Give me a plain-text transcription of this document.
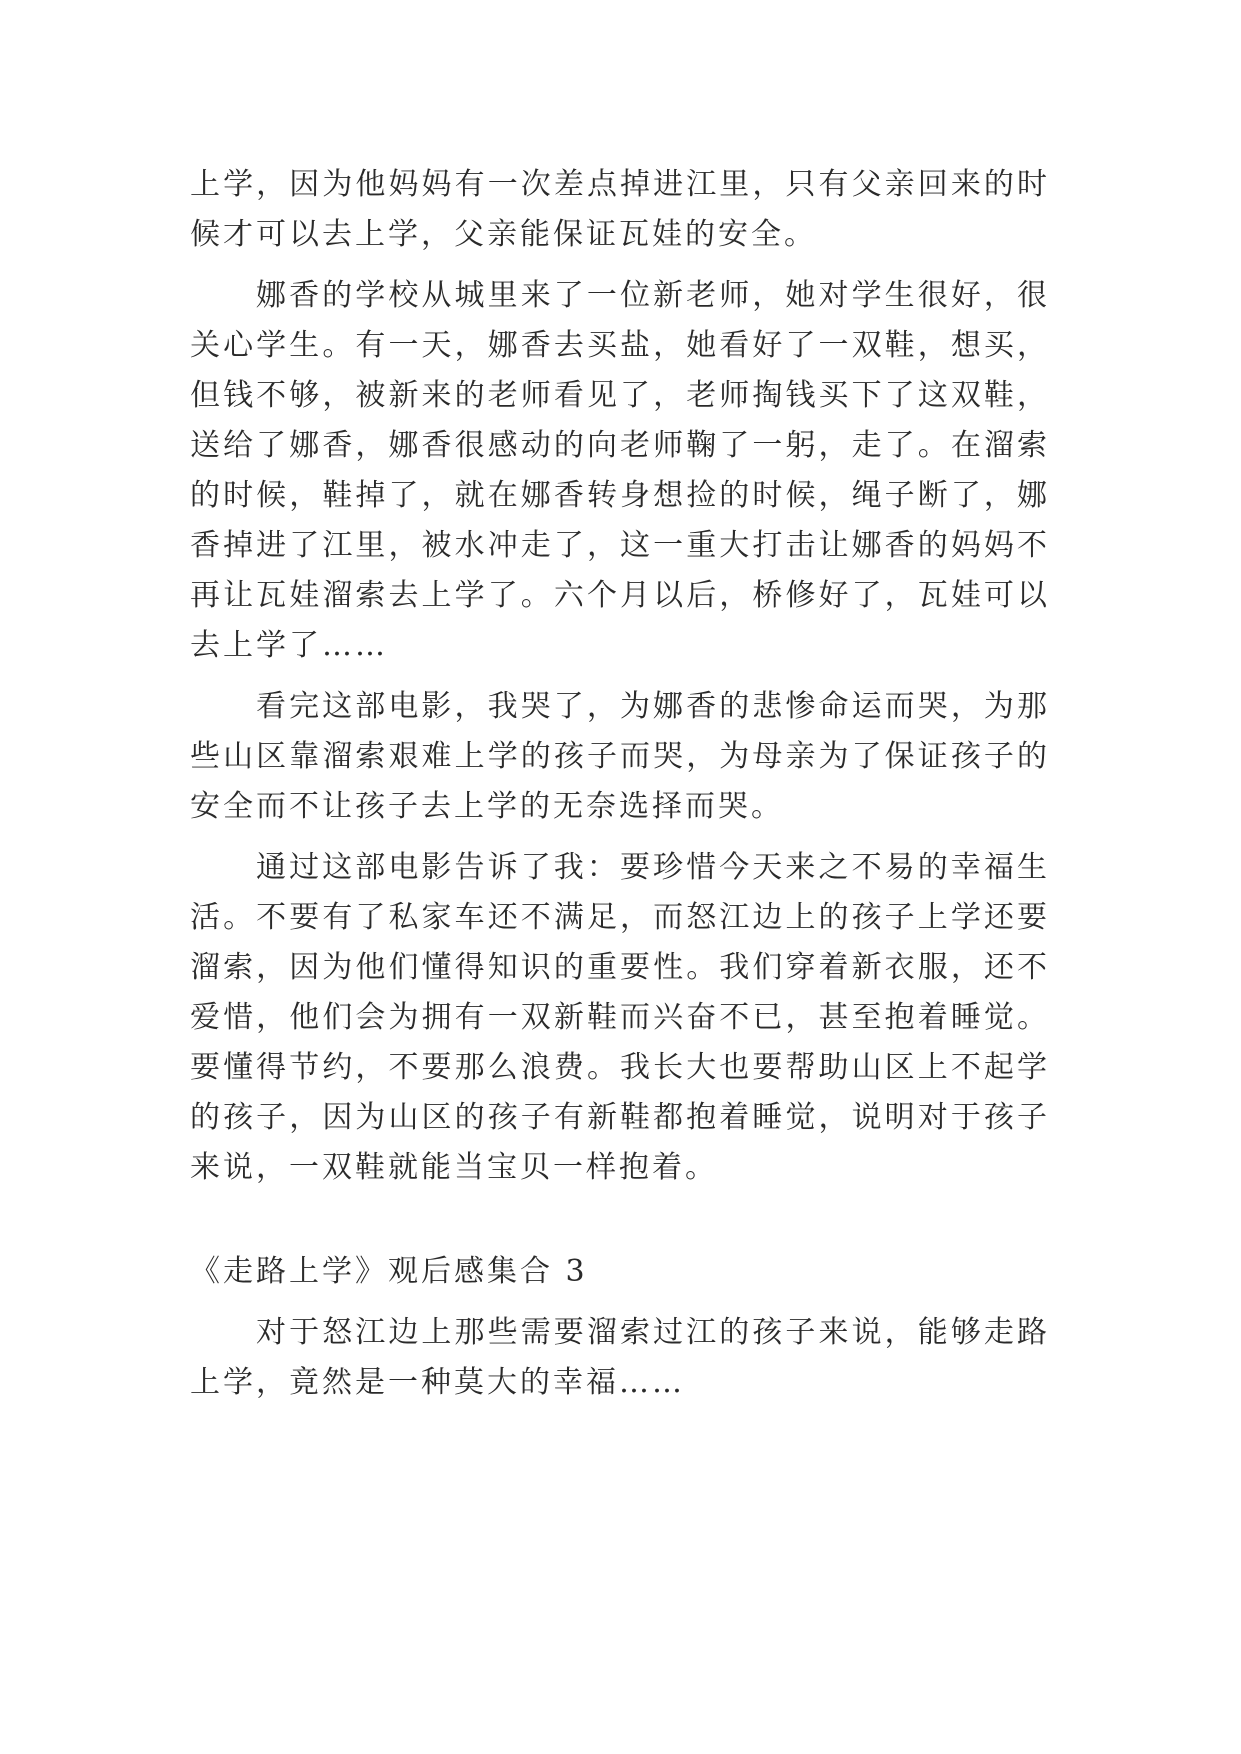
上学，因为他妈妈有一次差点掉进江里，只有父亲回来的时候才可以去上学，父亲能保证瓦娃的安全。

娜香的学校从城里来了一位新老师，她对学生很好，很关心学生。有一天，娜香去买盐，她看好了一双鞋，想买，但钱不够，被新来的老师看见了，老师掏钱买下了这双鞋，送给了娜香，娜香很感动的向老师鞠了一躬，走了。在溜索的时候，鞋掉了，就在娜香转身想捡的时候，绳子断了，娜香掉进了江里，被水冲走了，这一重大打击让娜香的妈妈不再让瓦娃溜索去上学了。六个月以后，桥修好了，瓦娃可以去上学了……

看完这部电影，我哭了，为娜香的悲惨命运而哭，为那些山区靠溜索艰难上学的孩子而哭，为母亲为了保证孩子的安全而不让孩子去上学的无奈选择而哭。

通过这部电影告诉了我：要珍惜今天来之不易的幸福生活。不要有了私家车还不满足，而怒江边上的孩子上学还要溜索，因为他们懂得知识的重要性。我们穿着新衣服，还不爱惜，他们会为拥有一双新鞋而兴奋不已，甚至抱着睡觉。要懂得节约，不要那么浪费。我长大也要帮助山区上不起学的孩子，因为山区的孩子有新鞋都抱着睡觉，说明对于孩子来说，一双鞋就能当宝贝一样抱着。

《走路上学》观后感集合 3

对于怒江边上那些需要溜索过江的孩子来说，能够走路上学，竟然是一种莫大的幸福……
